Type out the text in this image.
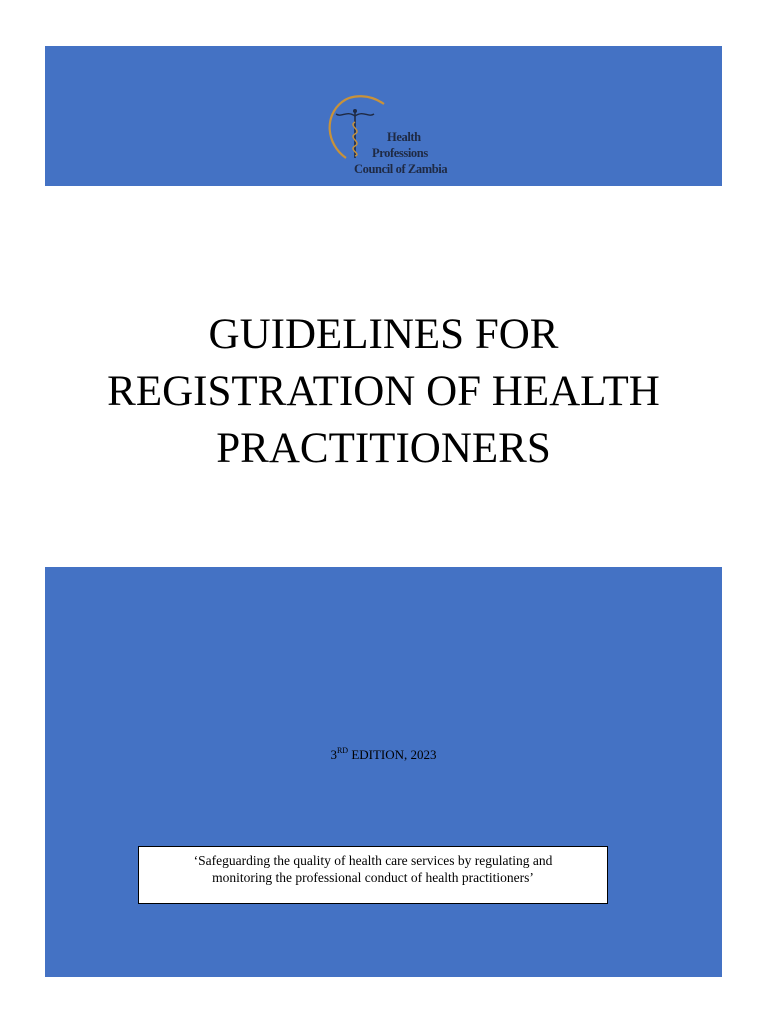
Health
Professions
Council of Zambia
GUIDELINES FOR
REGISTRATION OF HEALTH
PRACTITIONERS
3RD EDITION, 2023
‘Safeguarding the quality of health care services by regulating and
monitoring the professional conduct of health practitioners’
